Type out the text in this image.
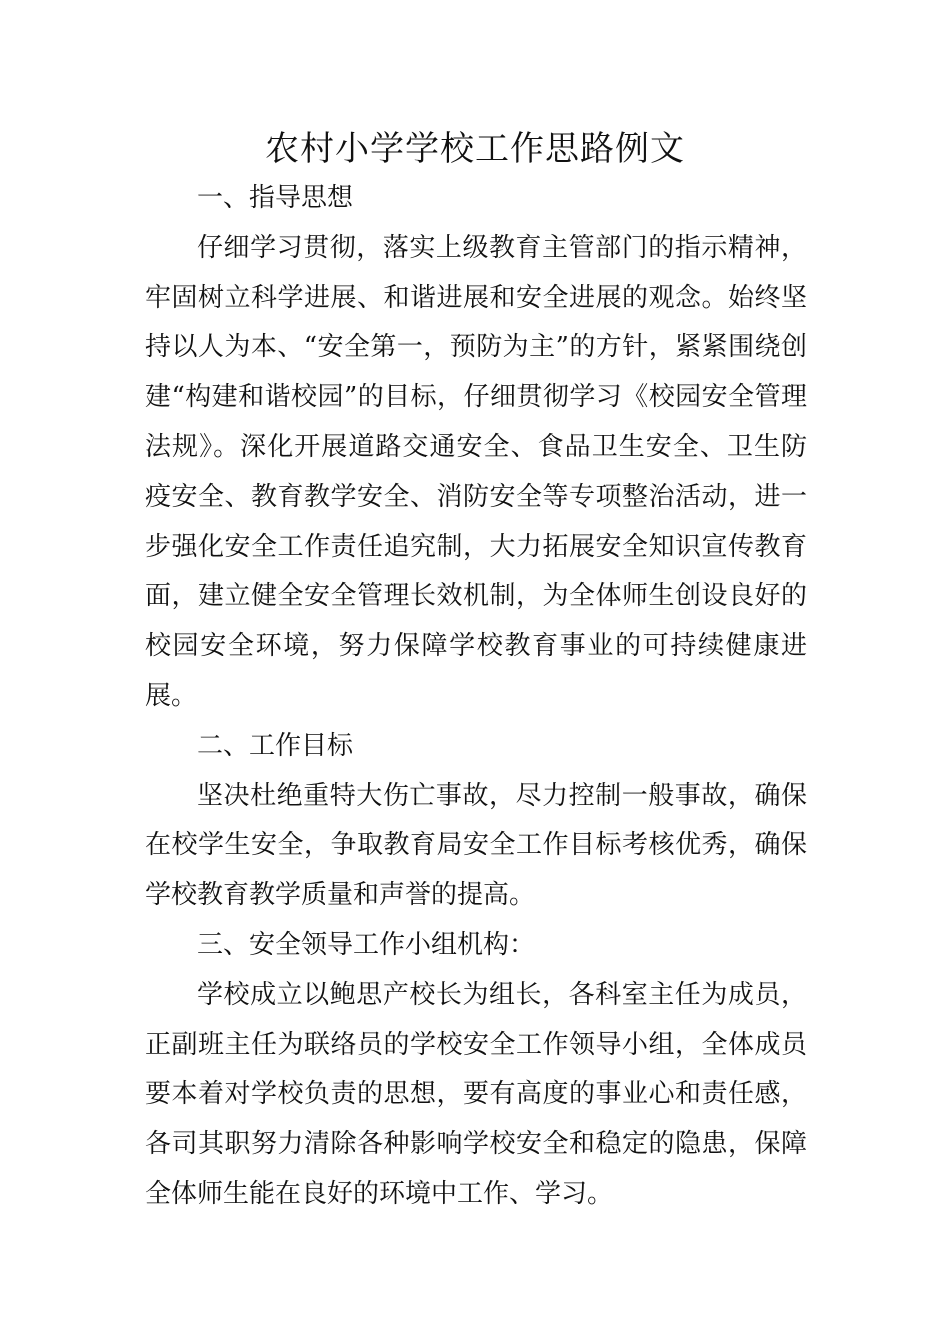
农村小学学校工作思路例文

一、指导思想

仔细学习贯彻，落实上级教育主管部门的指示精神，牢固树立科学进展、和谐进展和安全进展的观念。始终坚持以人为本、“安全第一，预防为主”的方针，紧紧围绕创建“构建和谐校园”的目标，仔细贯彻学习《校园安全管理法规》。深化开展道路交通安全、食品卫生安全、卫生防疫安全、教育教学安全、消防安全等专项整治活动，进一步强化安全工作责任追究制，大力拓展安全知识宣传教育面，建立健全安全管理长效机制，为全体师生创设良好的校园安全环境，努力保障学校教育事业的可持续健康进展。

二、工作目标

坚决杜绝重特大伤亡事故，尽力控制一般事故，确保在校学生安全，争取教育局安全工作目标考核优秀，确保学校教育教学质量和声誉的提高。

三、安全领导工作小组机构：

学校成立以鲍思产校长为组长，各科室主任为成员，正副班主任为联络员的学校安全工作领导小组，全体成员要本着对学校负责的思想，要有高度的事业心和责任感，各司其职努力清除各种影响学校安全和稳定的隐患，保障全体师生能在良好的环境中工作、学习。
